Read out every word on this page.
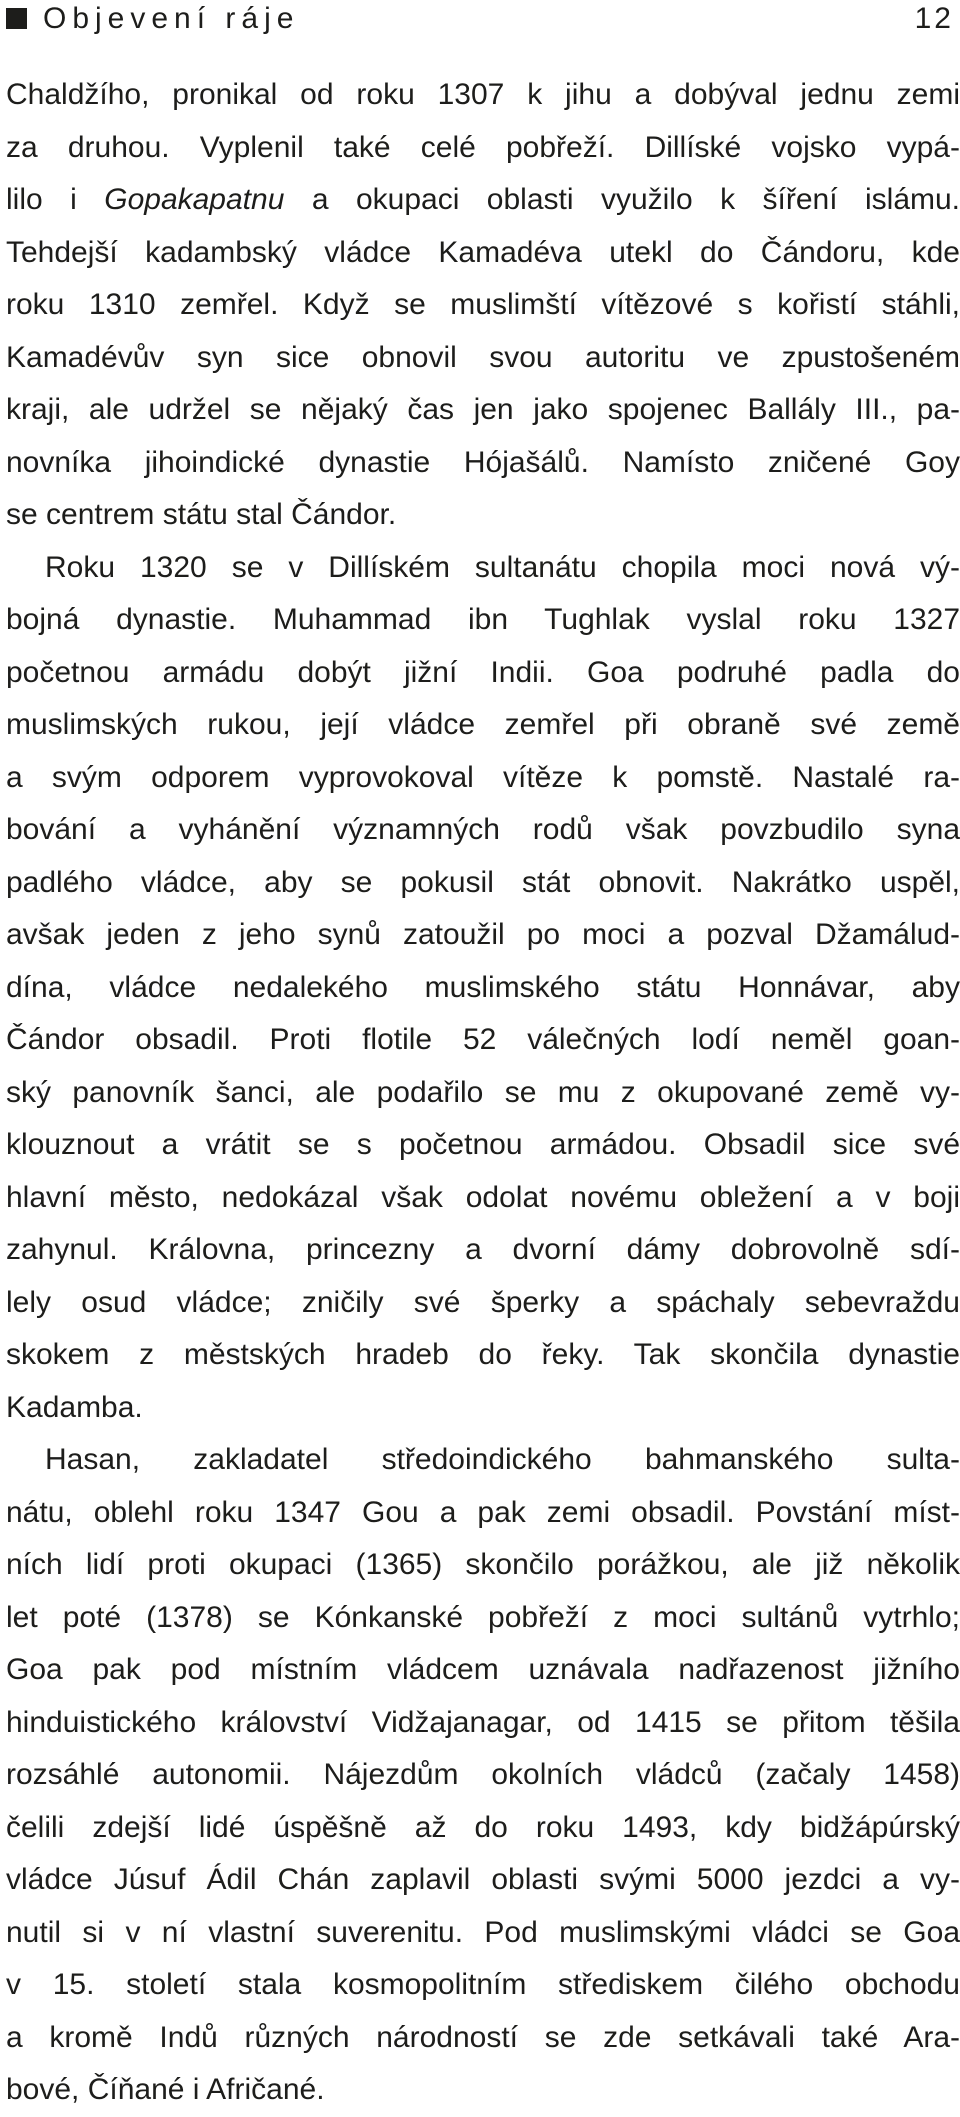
Objevení ráje	12
Chaldžího, pronikal od roku 1307 k jihu a dobýval jednu zemi
za druhou. Vyplenil také celé pobřeží. Dillíské vojsko vypá-
lilo i Gopakapatnu a okupaci oblasti využilo k šíření islámu.
Tehdejší kadambský vládce Kamadéva utekl do Čándoru, kde
roku 1310 zemřel. Když se muslimští vítězové s kořistí stáhli,
Kamadévův syn sice obnovil svou autoritu ve zpustošeném
kraji, ale udržel se nějaký čas jen jako spojenec Ballály III., pa-
novníka jihoindické dynastie Hójašálů. Namísto zničené Goy
se centrem státu stal Čándor.
Roku 1320 se v Dillíském sultanátu chopila moci nová vý-
bojná dynastie. Muhammad ibn Tughlak vyslal roku 1327
početnou armádu dobýt jižní Indii. Goa podruhé padla do
muslimských rukou, její vládce zemřel při obraně své země
a svým odporem vyprovokoval vítěze k pomstě. Nastalé ra-
bování a vyhánění významných rodů však povzbudilo syna
padlého vládce, aby se pokusil stát obnovit. Nakrátko uspěl,
avšak jeden z jeho synů zatoužil po moci a pozval Džamálud-
dína, vládce nedalekého muslimského státu Honnávar, aby
Čándor obsadil. Proti flotile 52 válečných lodí neměl goan-
ský panovník šanci, ale podařilo se mu z okupované země vy-
klouznout a vrátit se s početnou armádou. Obsadil sice své
hlavní město, nedokázal však odolat novému obležení a v boji
zahynul. Královna, princezny a dvorní dámy dobrovolně sdí-
lely osud vládce; zničily své šperky a spáchaly sebevraždu
skokem z městských hradeb do řeky. Tak skončila dynastie
Kadamba.
Hasan, zakladatel středoindického bahmanského sulta-
nátu, oblehl roku 1347 Gou a pak zemi obsadil. Povstání míst-
ních lidí proti okupaci (1365) skončilo porážkou, ale již několik
let poté (1378) se Kónkanské pobřeží z moci sultánů vytrhlo;
Goa pak pod místním vládcem uznávala nadřazenost jižního
hinduistického království Vidžajanagar, od 1415 se přitom těšila
rozsáhlé autonomii. Nájezdům okolních vládců (začaly 1458)
čelili zdejší lidé úspěšně až do roku 1493, kdy bidžápúrský
vládce Júsuf Ádil Chán zaplavil oblasti svými 5000 jezdci a vy-
nutil si v ní vlastní suverenitu. Pod muslimskými vládci se Goa
v 15. století stala kosmopolitním střediskem čilého obchodu
a kromě Indů různých národností se zde setkávali také Ara-
bové, Číňané i Afričané.
